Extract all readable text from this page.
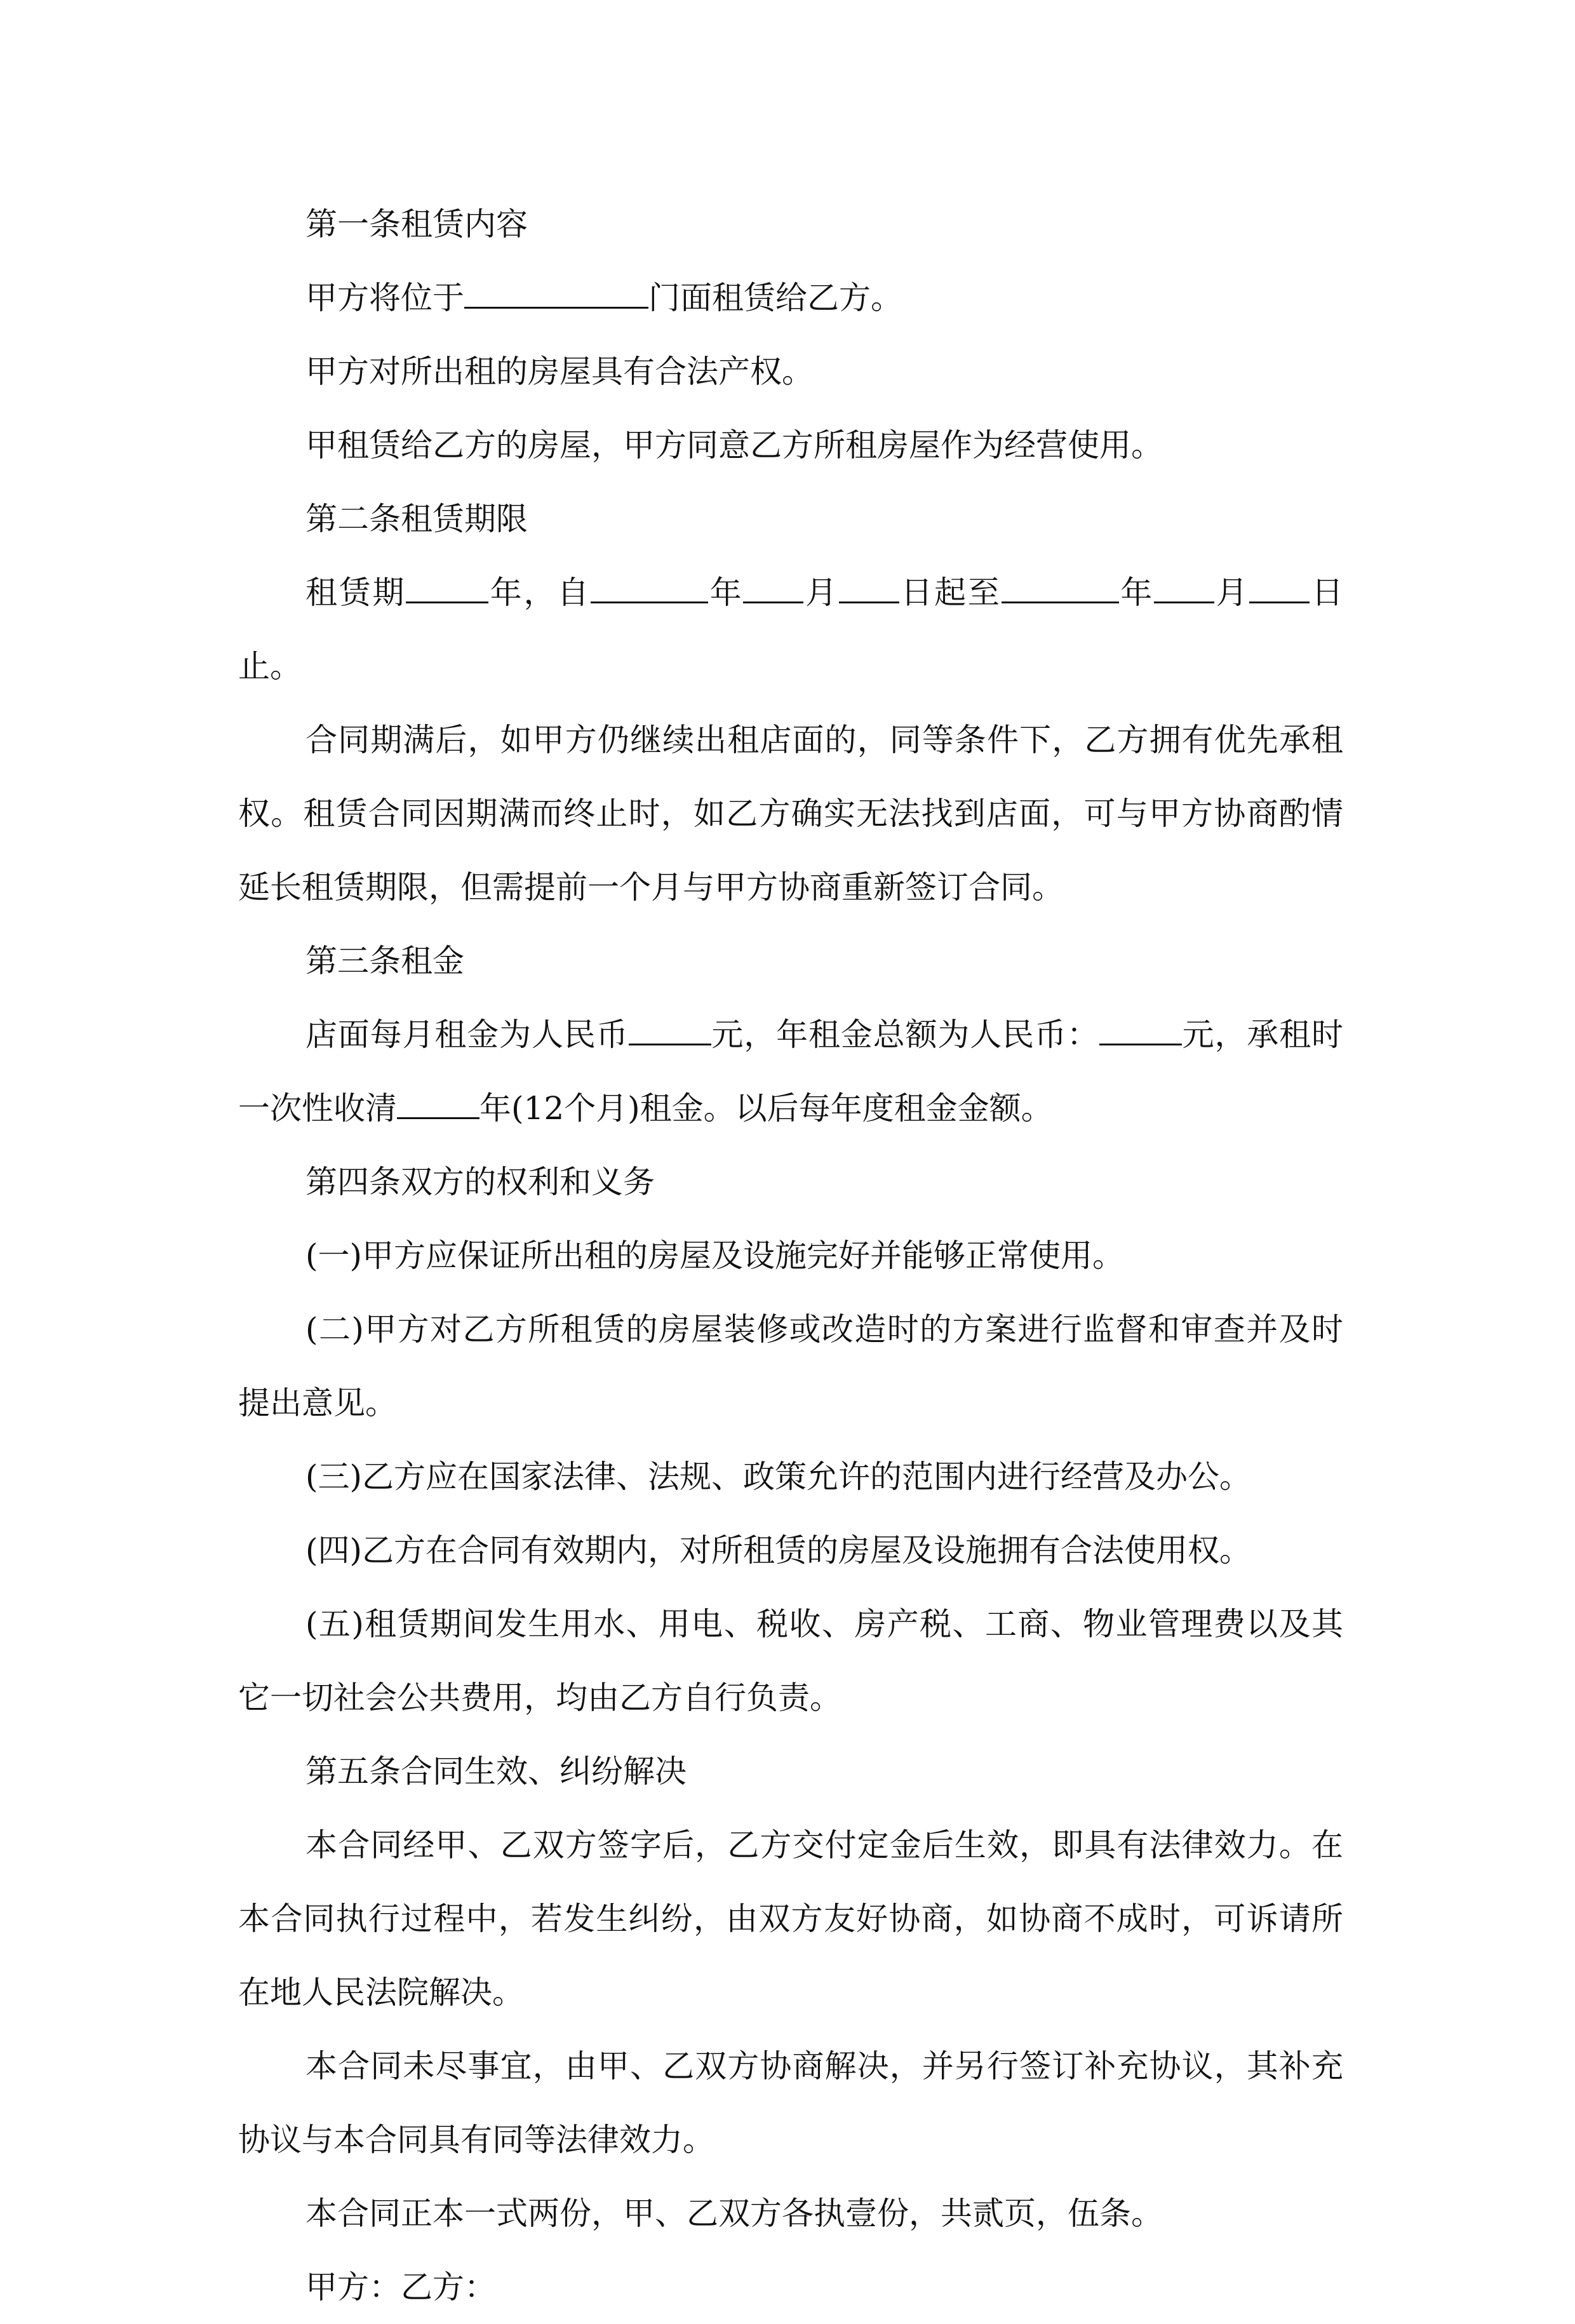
第一条租赁内容

甲方将位于	门面租赁给乙方。

甲方对所出租的房屋具有合法产权。

甲租赁给乙方的房屋，甲方同意乙方所租房屋作为经营使用。

第二条租赁期限

租赁期	年，自	年 月 日起至	年 月 日止。

合同期满后，如甲方仍继续出租店面的，同等条件下，乙方拥有优先承租权。租赁合同因期满而终止时，如乙方确实无法找到店面，可与甲方协商酌情延长租赁期限，但需提前一个月与甲方协商重新签订合同。

第三条租金

店面每月租金为人民币	元，年租金总额为人民币：	元，承租时一次性收清	年(12个月)租金。以后每年度租金金额。

第四条双方的权利和义务

(一)甲方应保证所出租的房屋及设施完好并能够正常使用。

(二)甲方对乙方所租赁的房屋装修或改造时的方案进行监督和审查并及时提出意见。

(三)乙方应在国家法律、法规、政策允许的范围内进行经营及办公。

(四)乙方在合同有效期内，对所租赁的房屋及设施拥有合法使用权。

(五)租赁期间发生用水、用电、税收、房产税、工商、物业管理费以及其它一切社会公共费用，均由乙方自行负责。

第五条合同生效、纠纷解决

本合同经甲、乙双方签字后，乙方交付定金后生效，即具有法律效力。在本合同执行过程中，若发生纠纷，由双方友好协商，如协商不成时，可诉请所在地人民法院解决。

本合同未尽事宜，由甲、乙双方协商解决，并另行签订补充协议，其补充协议与本合同具有同等法律效力。

本合同正本一式两份，甲、乙双方各执壹份，共贰页，伍条。

甲方：乙方：
